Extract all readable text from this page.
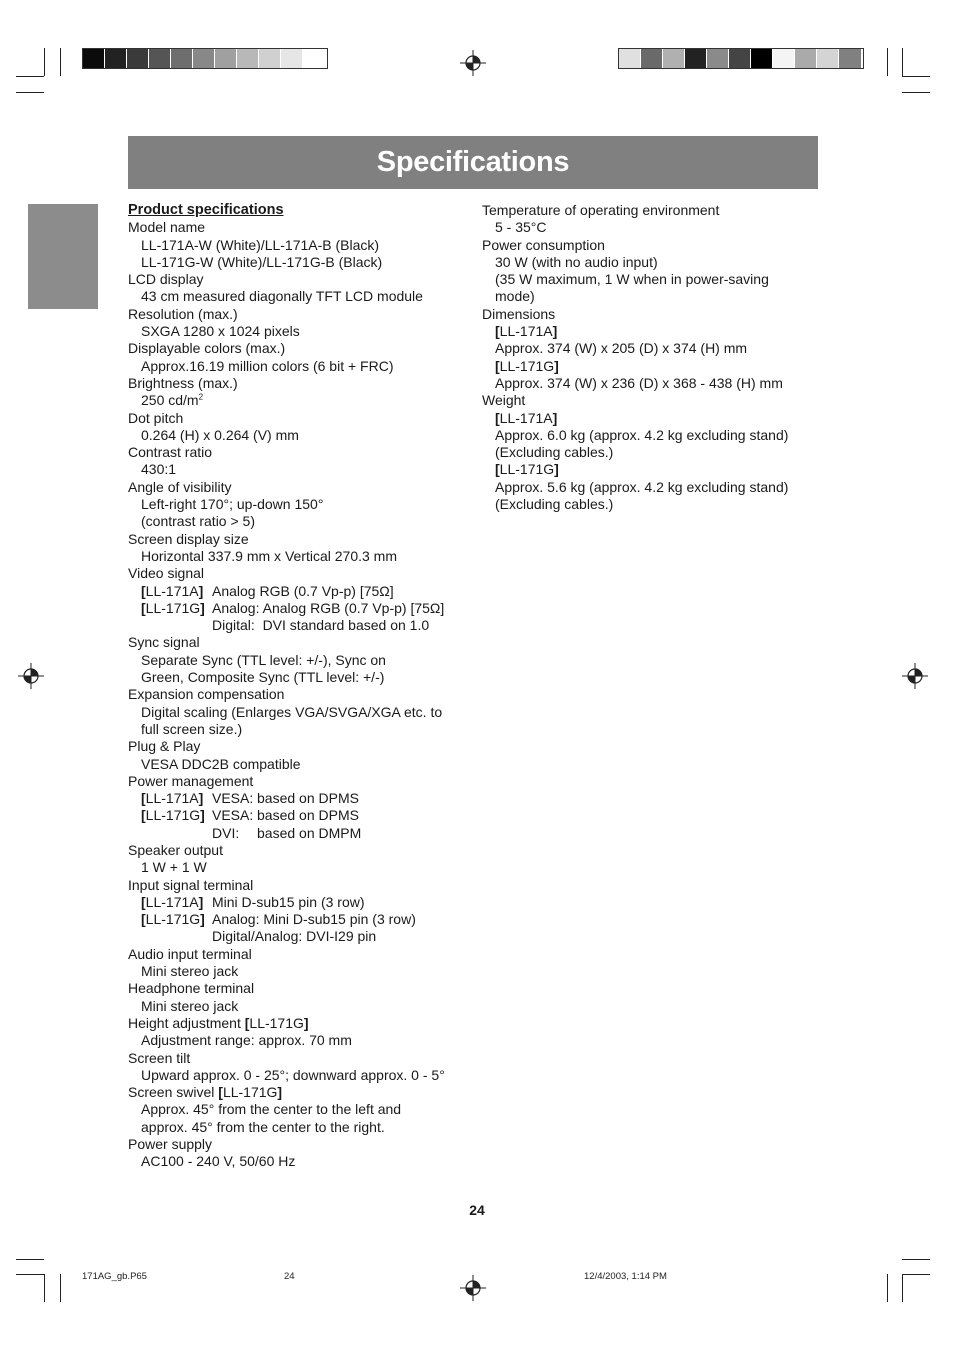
Specifications
Product specifications
Model name
LL-171A-W (White)/LL-171A-B (Black)
LL-171G-W (White)/LL-171G-B (Black)
LCD display
43 cm measured diagonally TFT LCD module
Resolution (max.)
SXGA 1280 x 1024 pixels
Displayable colors (max.)
Approx.16.19 million colors (6 bit + FRC)
Brightness (max.)
250 $cd/m^2$
Dot pitch
0.264 (H) x 0.264 (V) mm
Contrast ratio
430:1
Angle of visibility
Left-right 170°; up-down 150°
(contrast ratio > 5)
Screen display size
Horizontal 337.9 mm x Vertical 270.3 mm
Video signal
[LL-171A] Analog RGB (0.7 Vp-p) [75Ω]
[LL-171G] Analog: Analog RGB (0.7 Vp-p) [75Ω]
Digital:  DVI standard based on 1.0
Sync signal
Separate Sync (TTL level: +/-), Sync on
Green, Composite Sync (TTL level: +/-)
Expansion compensation
Digital scaling (Enlarges VGA/SVGA/XGA etc. to
full screen size.)
Plug & Play
VESA DDC2B compatible
Power management
[LL-171A] VESA: based on DPMS
[LL-171G] VESA: based on DPMS
DVI:	based on DMPM
Speaker output
1 W + 1 W
Input signal terminal
[LL-171A] Mini D-sub15 pin (3 row)
[LL-171G] Analog: Mini D-sub15 pin (3 row)
Digital/Analog: DVI-I29 pin
Audio input terminal
Mini stereo jack
Headphone terminal
Mini stereo jack
Height adjustment [LL-171G]
Adjustment range: approx. 70 mm
Screen tilt
Upward approx. 0 - 25°; downward approx. 0 - 5°
Screen swivel [LL-171G]
Approx. 45° from the center to the left and
approx. 45° from the center to the right.
Power supply
AC100 - 240 V, 50/60 Hz
Temperature of operating environment
5 - 35°C
Power consumption
30 W (with no audio input)
(35 W maximum, 1 W when in power-saving
mode)
Dimensions
[LL-171A]
Approx. 374 (W) x 205 (D) x 374 (H) mm
[LL-171G]
Approx. 374 (W) x 236 (D) x 368 - 438 (H) mm
Weight
[LL-171A]
Approx. 6.0 kg (approx. 4.2 kg excluding stand)
(Excluding cables.)
[LL-171G]
Approx. 5.6 kg (approx. 4.2 kg excluding stand)
(Excluding cables.)
24
171AG_gb.P65	24	12/4/2003, 1:14 PM
